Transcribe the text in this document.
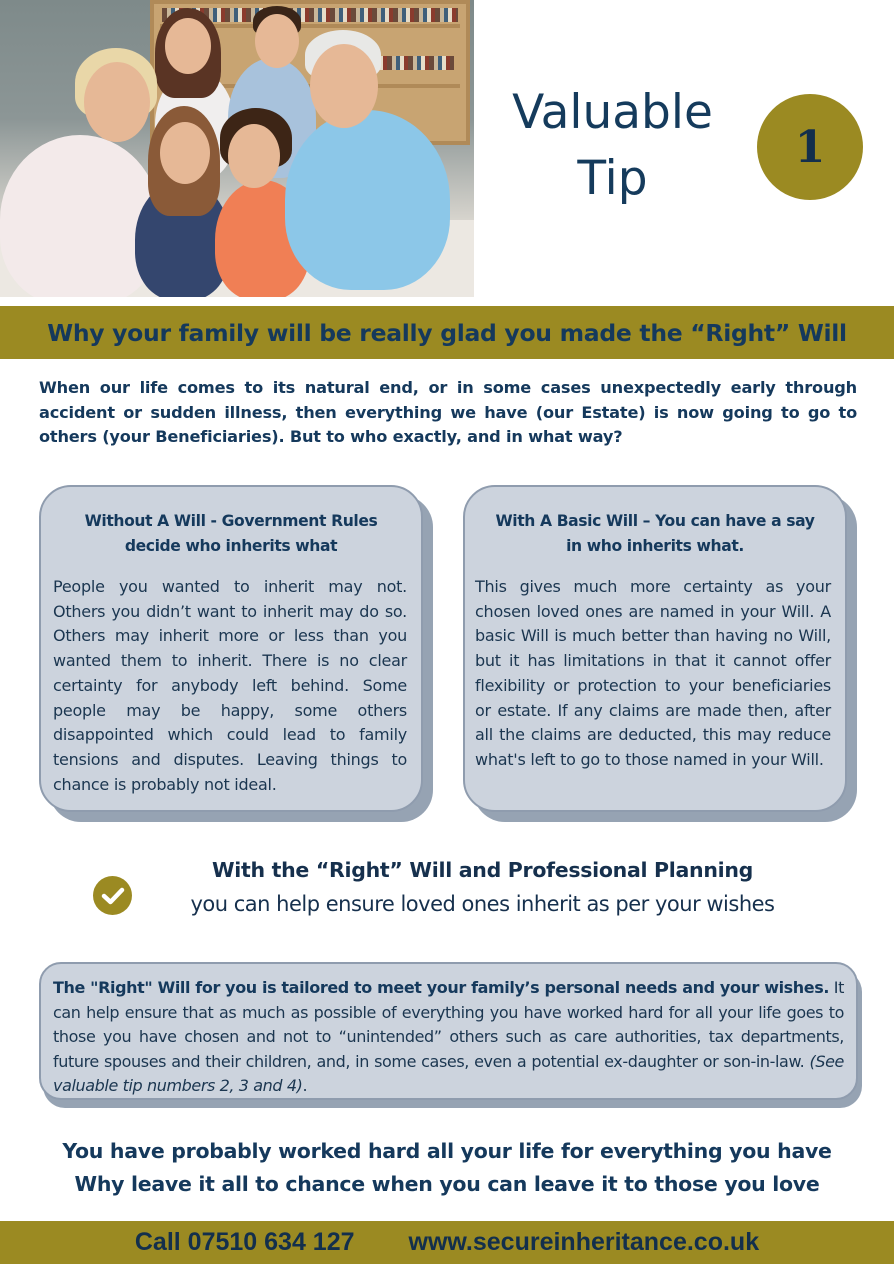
Valuable
Tip
1
Why your family will be really glad you made the “Right” Will

When our life comes to its natural end, or in some cases unexpectedly early through accident or sudden illness, then everything we have (our Estate) is now going to go to others (your Beneficiaries). But to who exactly, and in what way?

Without A Will - Government Rules
decide who inherits what

People you wanted to inherit may not. Others you didn’t want to inherit may do so. Others may inherit more or less than you wanted them to inherit. There is no clear certainty for anybody left behind. Some people may be happy, some others disappointed which could lead to family tensions and disputes. Leaving things to chance is probably not ideal.

With A Basic Will – You can have a say
in who inherits what.

This gives much more certainty as your chosen loved ones are named in your Will. A basic Will is much better than having no Will, but it has limitations in that it cannot offer flexibility or protection to your beneficiaries or estate. If any claims are made then, after all the claims are deducted, this may reduce what's left to go to those named in your Will.

With the “Right” Will and Professional Planning
you can help ensure loved ones inherit as per your wishes

The "Right" Will for you is tailored to meet your family’s personal needs and your wishes. It can help ensure that as much as possible of everything you have worked hard for all your life goes to those you have chosen and not to “unintended” others such as care authorities, tax departments, future spouses and their children, and, in some cases, even a potential ex-daughter or son-in-law. (See valuable tip numbers 2, 3 and 4).

You have probably worked hard all your life for everything you have
Why leave it all to chance when you can leave it to those you love
Call 07510 634 127 www.secureinheritance.co.uk
